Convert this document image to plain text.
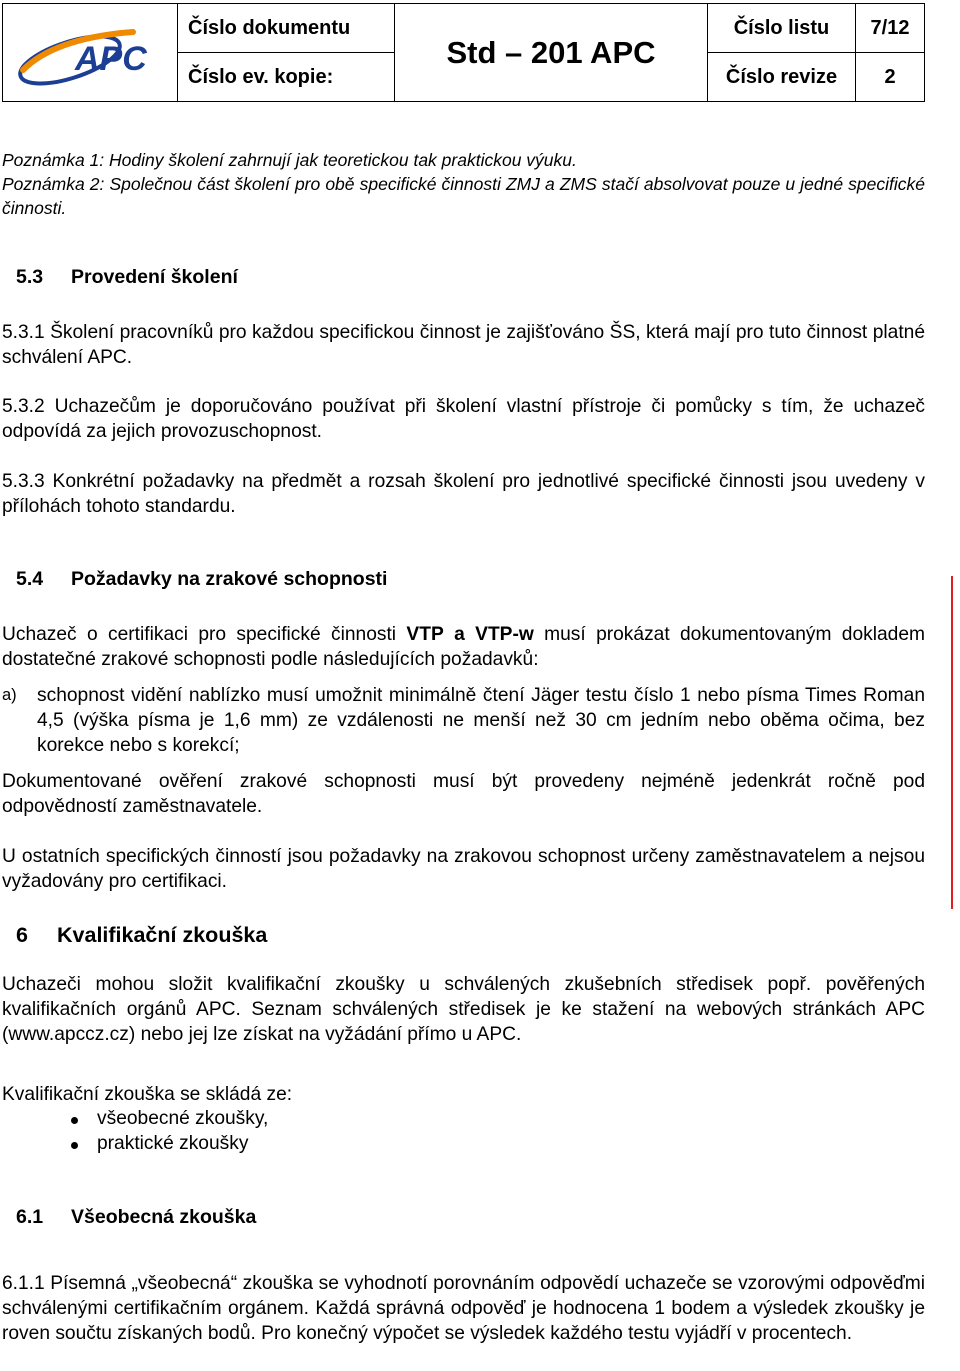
APC	Číslo dokumentu	Std – 201 APC	Číslo listu	7/12
	Číslo ev. kopie:		Číslo revize	2
Poznámka 1: Hodiny školení zahrnují jak teoretickou tak praktickou výuku.
Poznámka 2: Společnou část školení pro obě specifické činnosti ZMJ a ZMS stačí absolvovat pouze u jedné specifické činnosti.
5.3 Provedení školení

5.3.1 Školení pracovníků pro každou specifickou činnost je zajišťováno ŠS, která mají pro tuto činnost platné schválení APC.

5.3.2 Uchazečům je doporučováno používat při školení vlastní přístroje či pomůcky s tím, že uchazeč odpovídá za jejich provozuschopnost.

5.3.3 Konkrétní požadavky na předmět a rozsah školení pro jednotlivé specifické činnosti jsou uvedeny v přílohách tohoto standardu.

5.4 Požadavky na zrakové schopnosti

Uchazeč o certifikaci pro specifické činnosti VTP a VTP-w musí prokázat dokumentovaným dokladem dostatečné zrakové schopnosti podle následujících požadavků:

a) schopnost vidění nablízko musí umožnit minimálně čtení Jäger testu číslo 1 nebo písma Times Roman 4,5 (výška písma je 1,6 mm) ze vzdálenosti ne menší než 30 cm jedním nebo oběma očima, bez korekce nebo s korekcí;

Dokumentované ověření zrakové schopnosti musí být provedeny nejméně jedenkrát ročně pod odpovědností zaměstnavatele.

U ostatních specifických činností jsou požadavky na zrakovou schopnost určeny zaměstnavatelem a nejsou vyžadovány pro certifikaci.

6 Kvalifikační zkouška

Uchazeči mohou složit kvalifikační zkoušky u schválených zkušebních středisek popř. pověřených kvalifikačních orgánů APC. Seznam schválených středisek je ke stažení na webových stránkách APC (www.apccz.cz) nebo jej lze získat na vyžádání přímo u APC.

Kvalifikační zkouška se skládá ze:

všeobecné zkoušky,
praktické zkoušky
6.1 Všeobecná zkouška

6.1.1 Písemná „všeobecná“ zkouška se vyhodnotí porovnáním odpovědí uchazeče se vzorovými odpověďmi schválenými certifikačním orgánem. Každá správná odpověď je hodnocena 1 bodem a výsledek zkoušky je roven součtu získaných bodů. Pro konečný výpočet se výsledek každého testu vyjádří v procentech.
